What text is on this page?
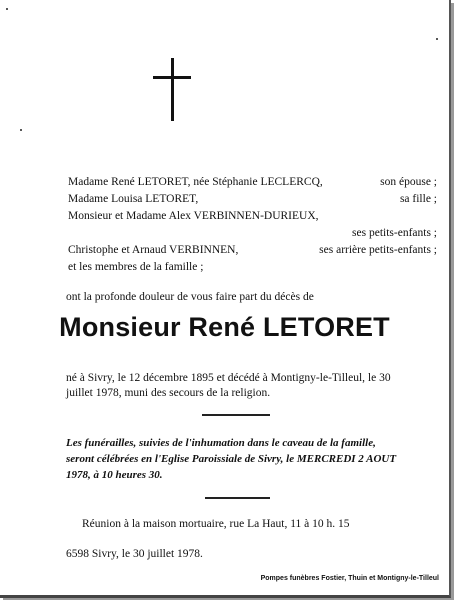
Madame René LETORET, née Stéphanie LECLERCQ,	son épouse ;
Madame Louisa LETORET,	sa fille ;
Monsieur et Madame Alex VERBINNEN-DURIEUX,
ses petits-enfants ;
Christophe et Arnaud VERBINNEN,	ses arrière petits-enfants ;
et les membres de la famille ;
ont la profonde douleur de vous faire part du décès de
Monsieur René LETORET
né à Sivry, le 12 décembre 1895 et décédé à Montigny-le-Tilleul, le 30
juillet 1978, muni des secours de la religion.
Les funérailles, suivies de l'inhumation dans le caveau de la famille,
seront célébrées en l'Eglise Paroissiale de Sivry, le MERCREDI 2 AOUT
1978, à 10 heures 30.
Réunion à la maison mortuaire, rue La Haut, 11 à 10 h. 15
6598 Sivry, le 30 juillet 1978.
Pompes funèbres Fostier, Thuin et Montigny-le-Tilleul
